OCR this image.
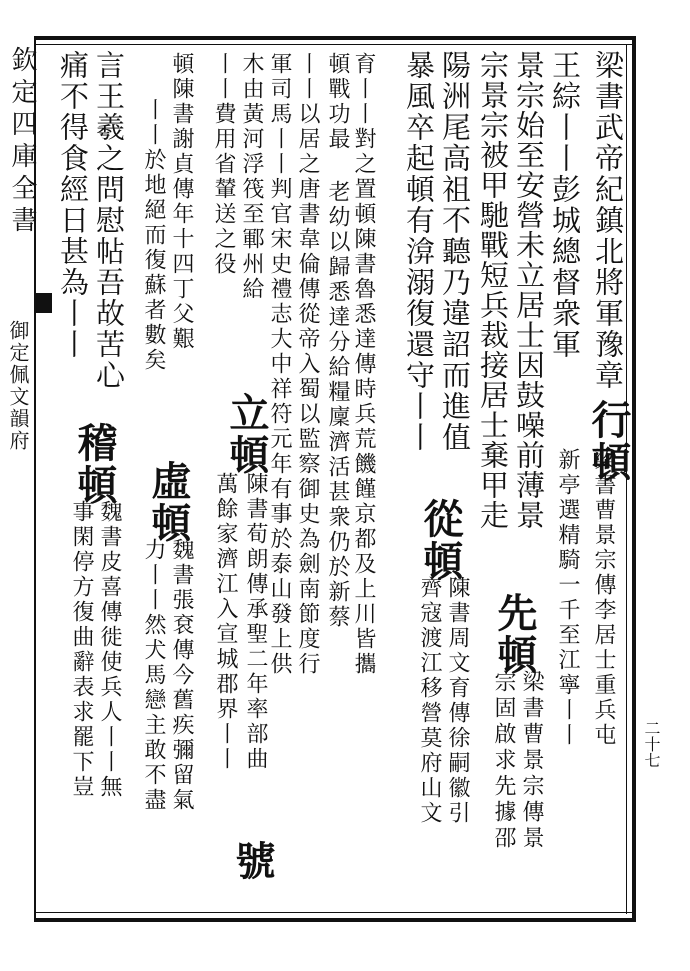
欽定四庫全書
御定佩文韻府
二十七
梁書武帝紀鎮北將軍豫章行頓
梁書曹景宗傳李居士重兵屯
王綜丨丨彭城總督衆軍
新亭選精騎一千至江寧丨丨
景宗始至安營未立居士因鼓噪前薄景
宗景宗被甲馳戰短兵裁接居士棄甲走
先頓
梁書曹景宗傳景
宗固啟求先據邵
陽洲尾高祖不聽乃違詔而進值
暴風卒起頓有渰溺復還守丨丨
從頓
陳書周文育傳徐嗣徽引
齊寇渡江移營莫府山文
育丨丨對之置頓陳書魯悉達傳時兵荒饑饉京都及上川皆攜
頓戰功最 老幼以歸悉達分給糧廩濟活甚衆仍於新蔡
丨丨以居之唐書韋倫傳從帝入蜀以監察御史為劍南節度行
軍司馬丨丨判官宋史禮志大中祥符元年有事於泰山發上供
木由黃河浮筏至鄆州給
丨丨費用省輦送之役
立頓
陳書荀朗傳承聖二年率部曲
萬餘家濟江入宣城郡界丨丨
號
頓陳書謝貞傳年十四丁父艱
丨丨於地絕而復蘇者數矣
虛頓
魏書張袞傳今舊疾彌留氣
力丨丨然犬馬戀主敢不盡
言王羲之問慰帖吾故苦心
痛不得食經日甚為丨丨
稽頓
魏書皮喜傳徙使兵人丨丨無
事閑停方復曲辭表求罷下豈
